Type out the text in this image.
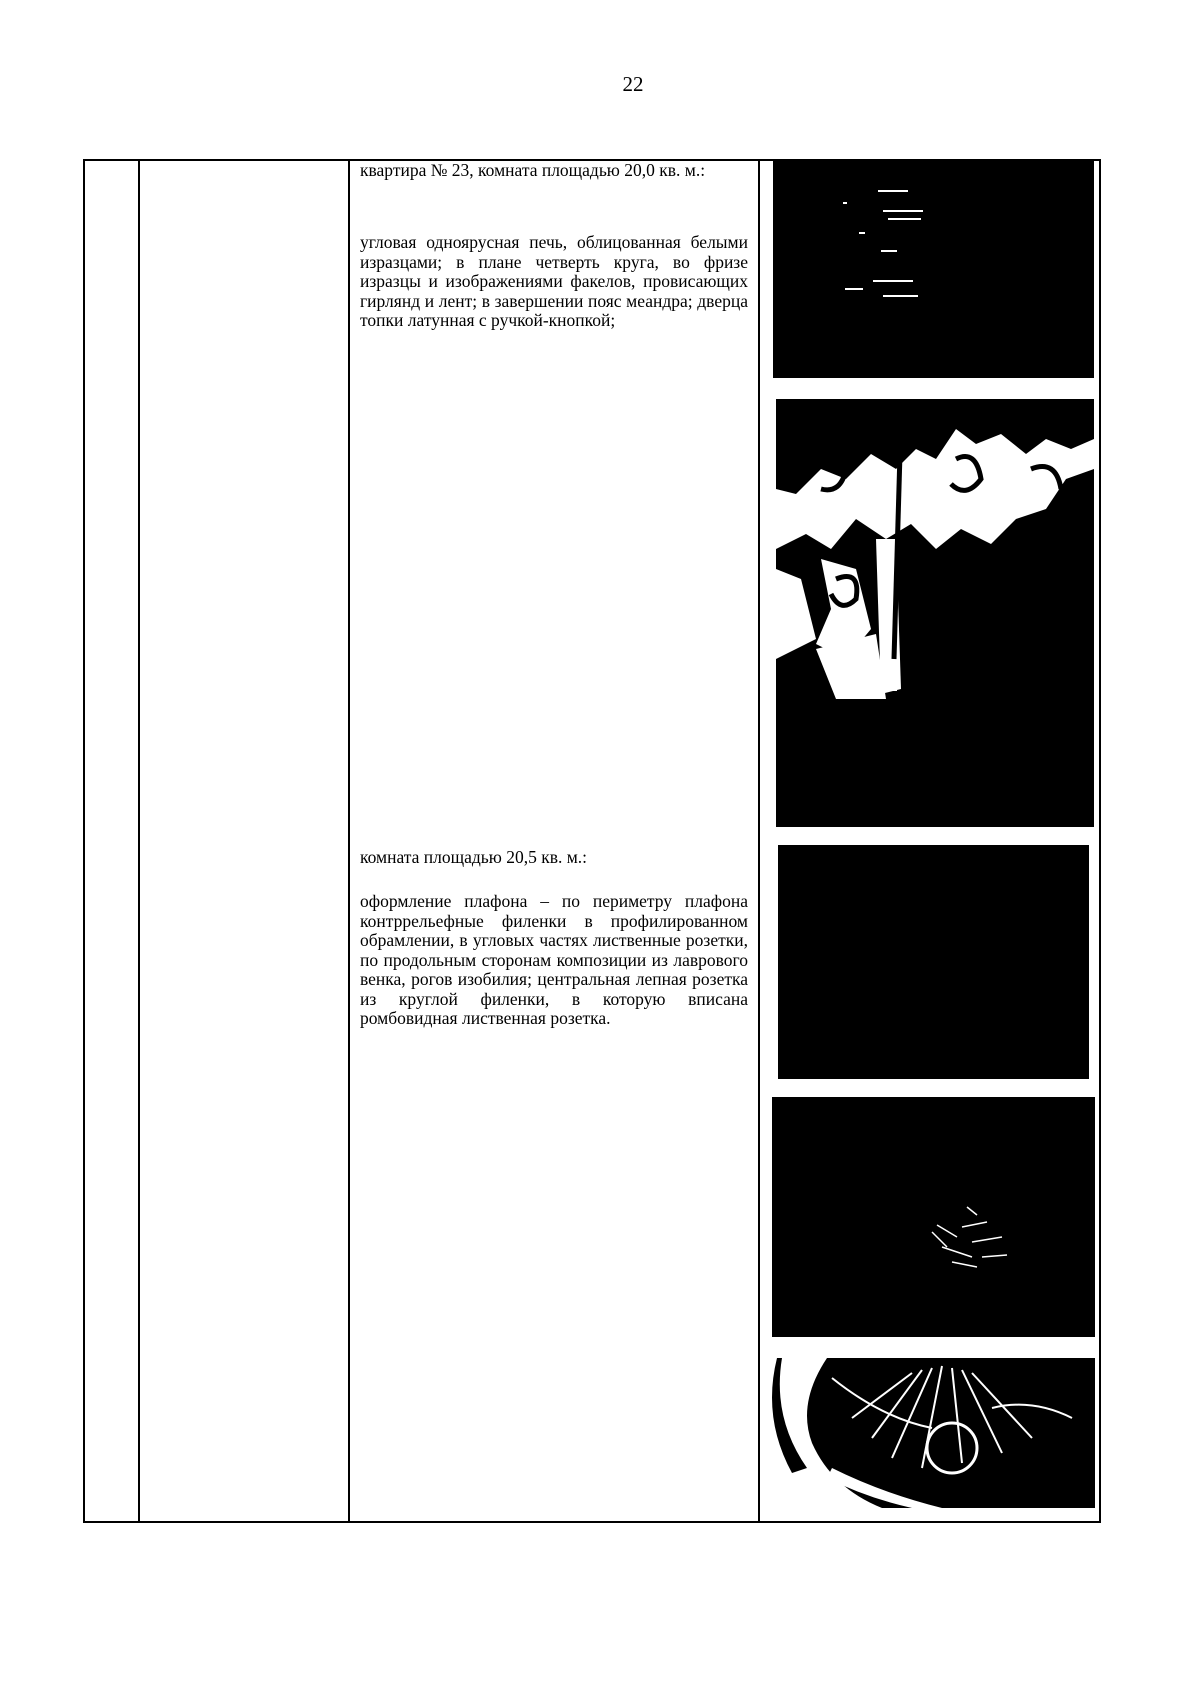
22
квартира № 23, комната площадью 20,0 кв. м.:
угловая одноярусная печь, облицованная белыми изразцами; в плане четверть круга, во фризе изразцы и изображениями факелов, провисающих гирлянд и лент; в завершении пояс меандра; дверца топки латунная с ручкой-кнопкой;
комната площадью 20,5 кв. м.:
оформление плафона – по периметру плафона контррельефные филенки в профилированном обрамлении, в угловых частях лиственные розетки, по продольным сторонам композиции из лаврового венка, рогов изобилия; центральная лепная розетка из круглой филенки, в которую вписана ромбовидная лиственная розетка.
